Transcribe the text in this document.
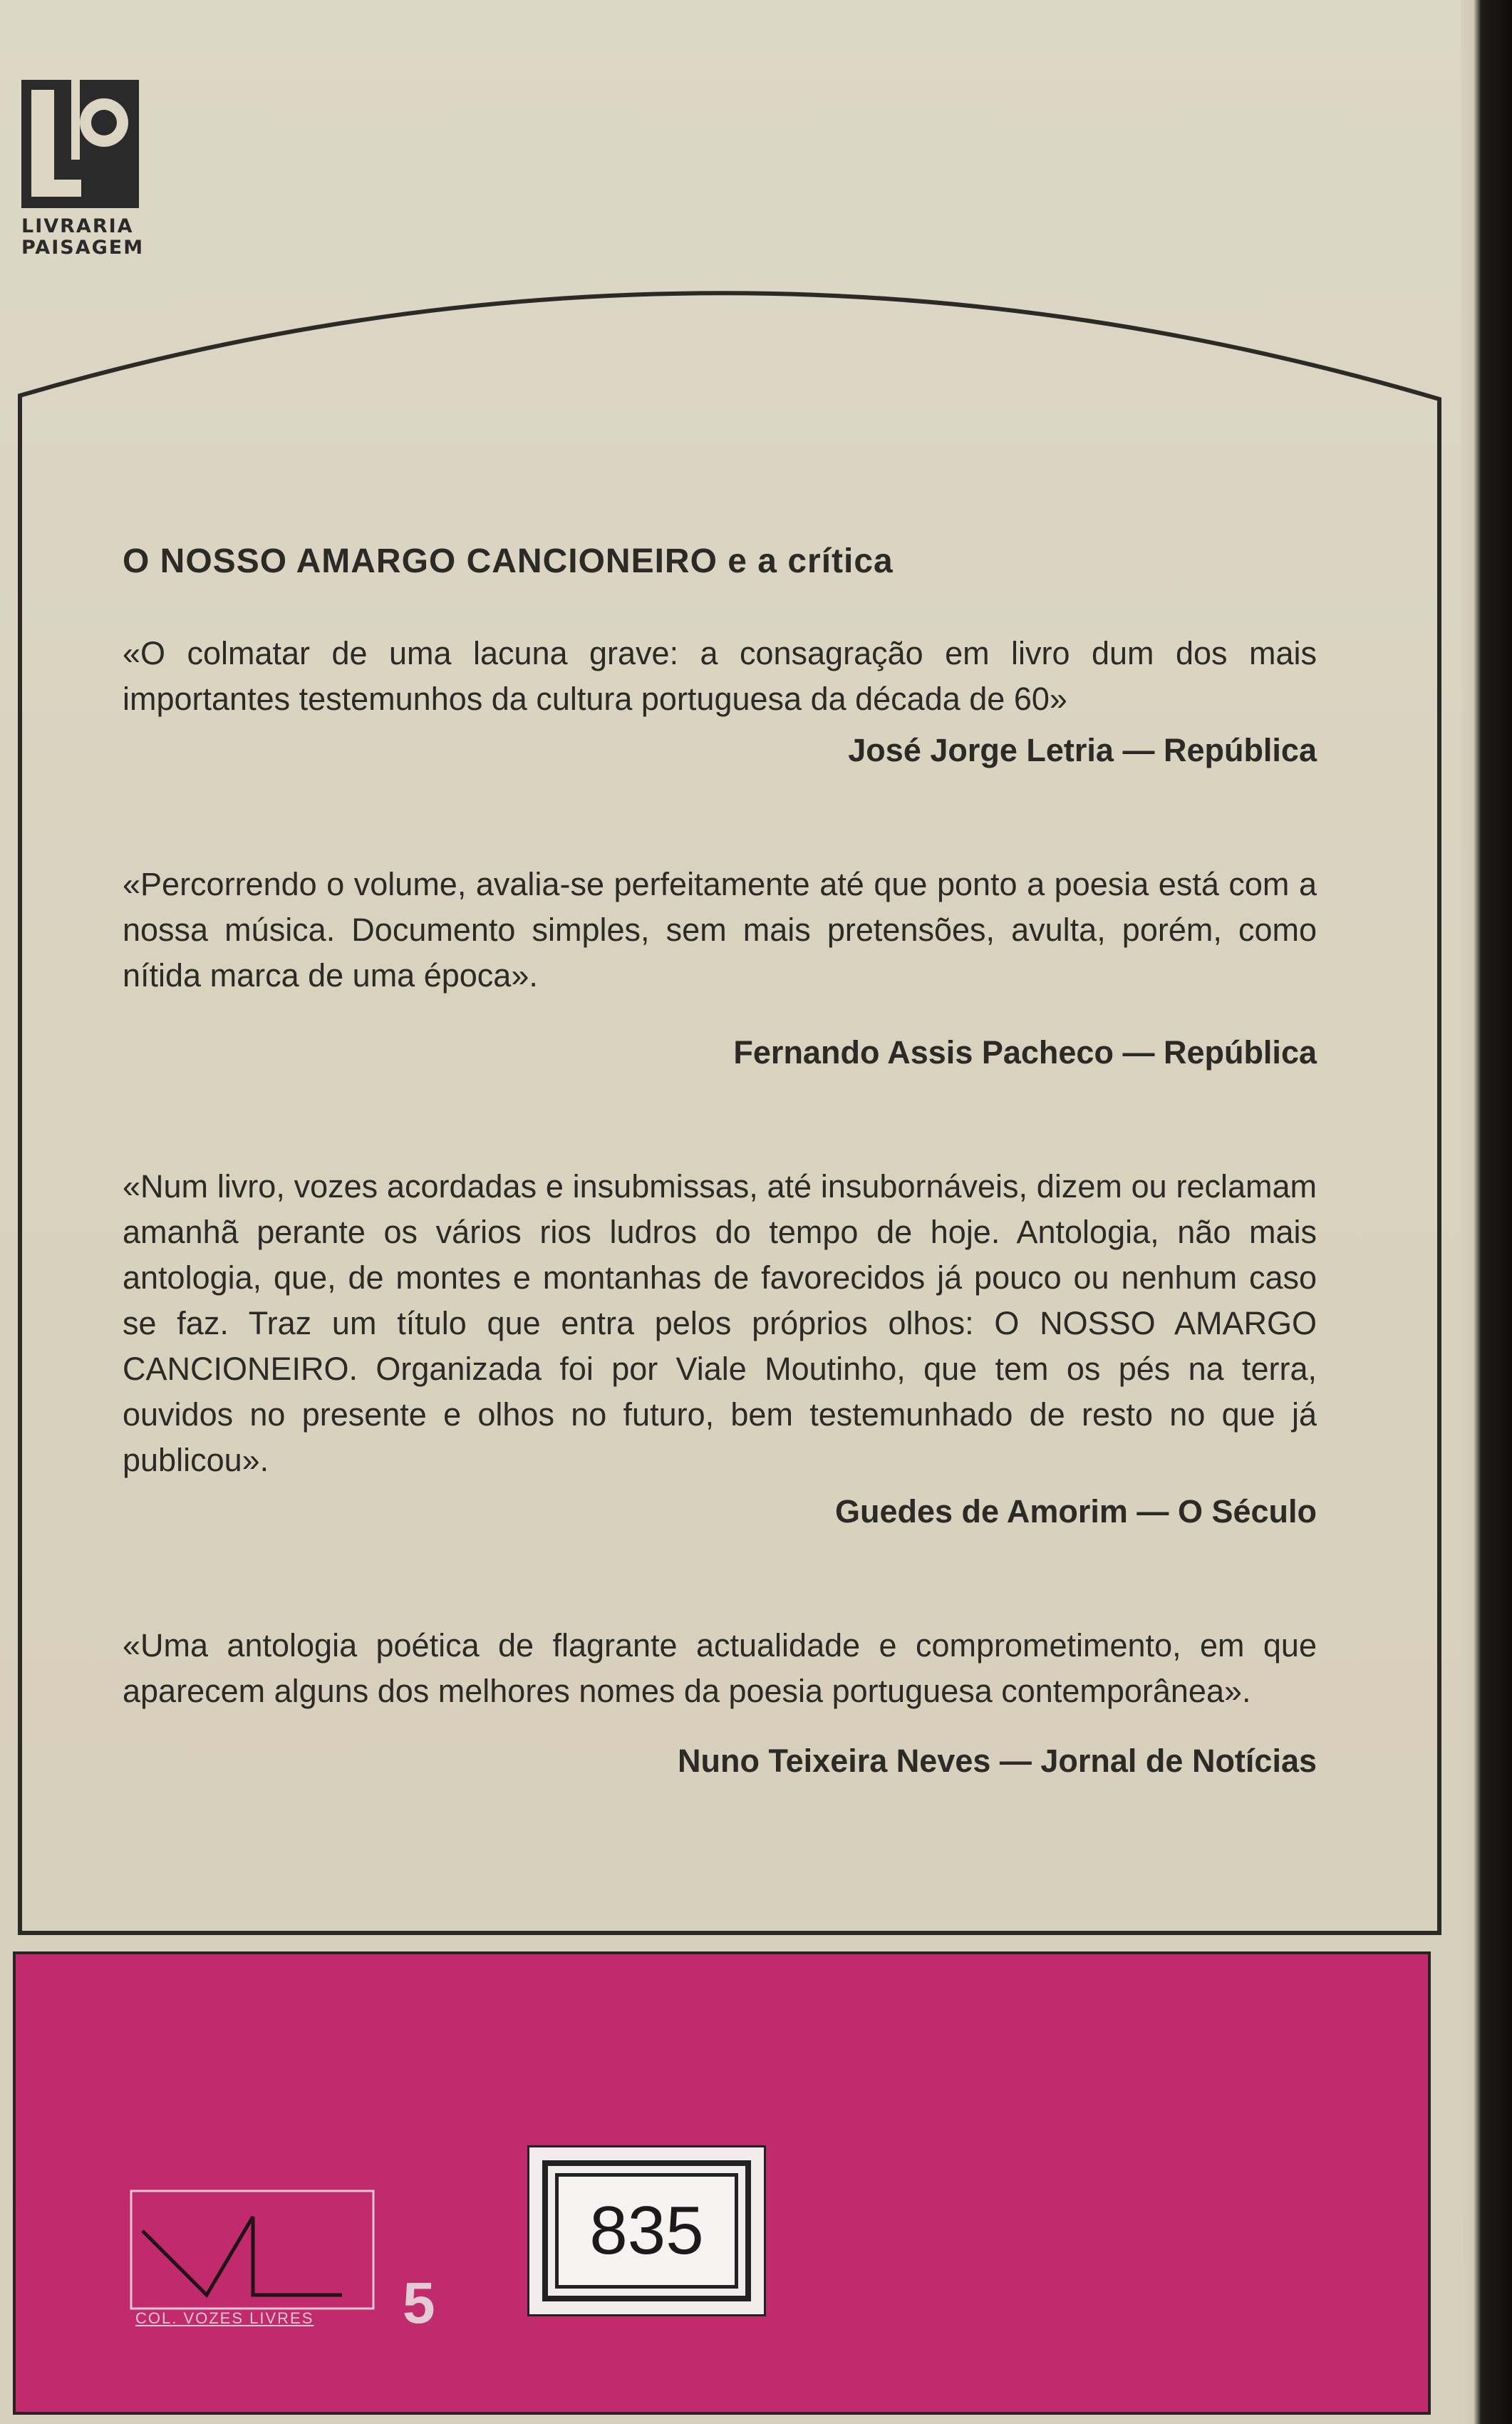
LIVRARIA
PAISAGEM

O NOSSO AMARGO CANCIONEIRO e a crítica

«O colmatar de uma lacuna grave: a consagração em livro dum dos mais importantes testemunhos da cultura portuguesa da década de 60»

José Jorge Letria — República

«Percorrendo o volume, avalia-se perfeitamente até que ponto a poesia está com a nossa música. Documento simples, sem mais pretensões, avulta, porém, como nítida marca de uma época».

Fernando Assis Pacheco — República

«Num livro, vozes acordadas e insubmissas, até insubornáveis, dizem ou reclamam amanhã perante os vários rios ludros do tempo de hoje. Antologia, não mais antologia, que, de montes e montanhas de favorecidos já pouco ou nenhum caso se faz. Traz um título que entra pelos próprios olhos: O NOSSO AMARGO CANCIONEIRO. Organizada foi por Viale Moutinho, que tem os pés na terra, ouvidos no presente e olhos no futuro, bem testemunhado de resto no que já publicou».

Guedes de Amorim — O Século

«Uma antologia poética de flagrante actualidade e comprometimento, em que aparecem alguns dos melhores nomes da poesia portuguesa contemporânea».

Nuno Teixeira Neves — Jornal de Notícias

COL. VOZES LIVRES	5
835
